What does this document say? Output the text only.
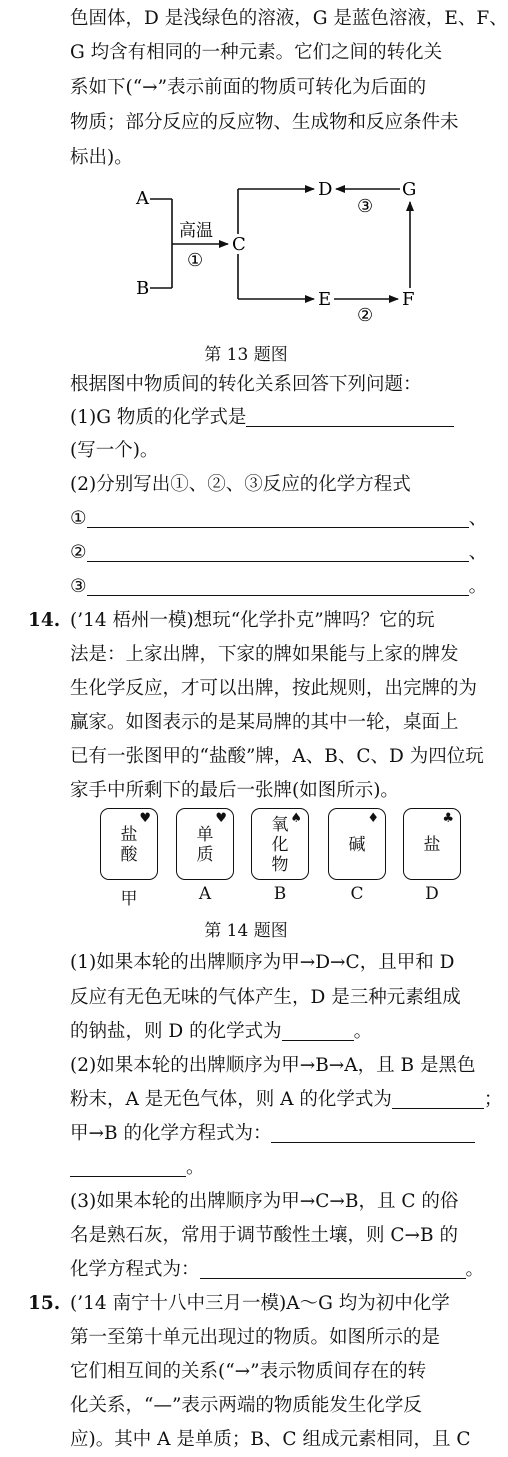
色固体，D 是浅绿色的溶液，G 是蓝色溶液，E、F、
G 均含有相同的一种元素。它们之间的转化关
系如下(“→”表示前面的物质可转化为后面的
物质；部分反应的反应物、生成物和反应条件未
标出)。
A
B
C
D	G
E	F
高温
①
②
③
第 13 题图
根据图中物质间的转化关系回答下列问题：
(1)G 物质的化学式是
(写一个)。
(2)分别写出①、②、③反应的化学方程式
①	、
②	、
③	。
14. (’14 梧州一模)想玩“化学扑克”牌吗？它的玩
法是：上家出牌，下家的牌如果能与上家的牌发
生化学反应，才可以出牌，按此规则，出完牌的为
赢家。如图表示的是某局牌的其中一轮，桌面上
已有一张图甲的“盐酸”牌，A、B、C、D 为四位玩
家手中所剩下的最后一张牌(如图所示)。
♥
盐
酸
甲
♥
单
质
A
♠
氧
化
物
B
♦
碱
C
♣
盐
D
第 14 题图
(1)如果本轮的出牌顺序为甲→D→C，且甲和 D
反应有无色无味的气体产生，D 是三种元素组成
的钠盐，则 D 的化学式为	。
(2)如果本轮的出牌顺序为甲→B→A，且 B 是黑色
粉末，A 是无色气体，则 A 的化学式为	；
甲→B 的化学方程式为：
。
(3)如果本轮的出牌顺序为甲→C→B，且 C 的俗
名是熟石灰，常用于调节酸性土壤，则 C→B 的
化学方程式为：	。
15. (’14 南宁十八中三月一模)A～G 均为初中化学
第一至第十单元出现过的物质。如图所示的是
它们相互间的关系(“→”表示物质间存在的转
化关系，“—”表示两端的物质能发生化学反
应)。其中 A 是单质；B、C 组成元素相同，且 C
